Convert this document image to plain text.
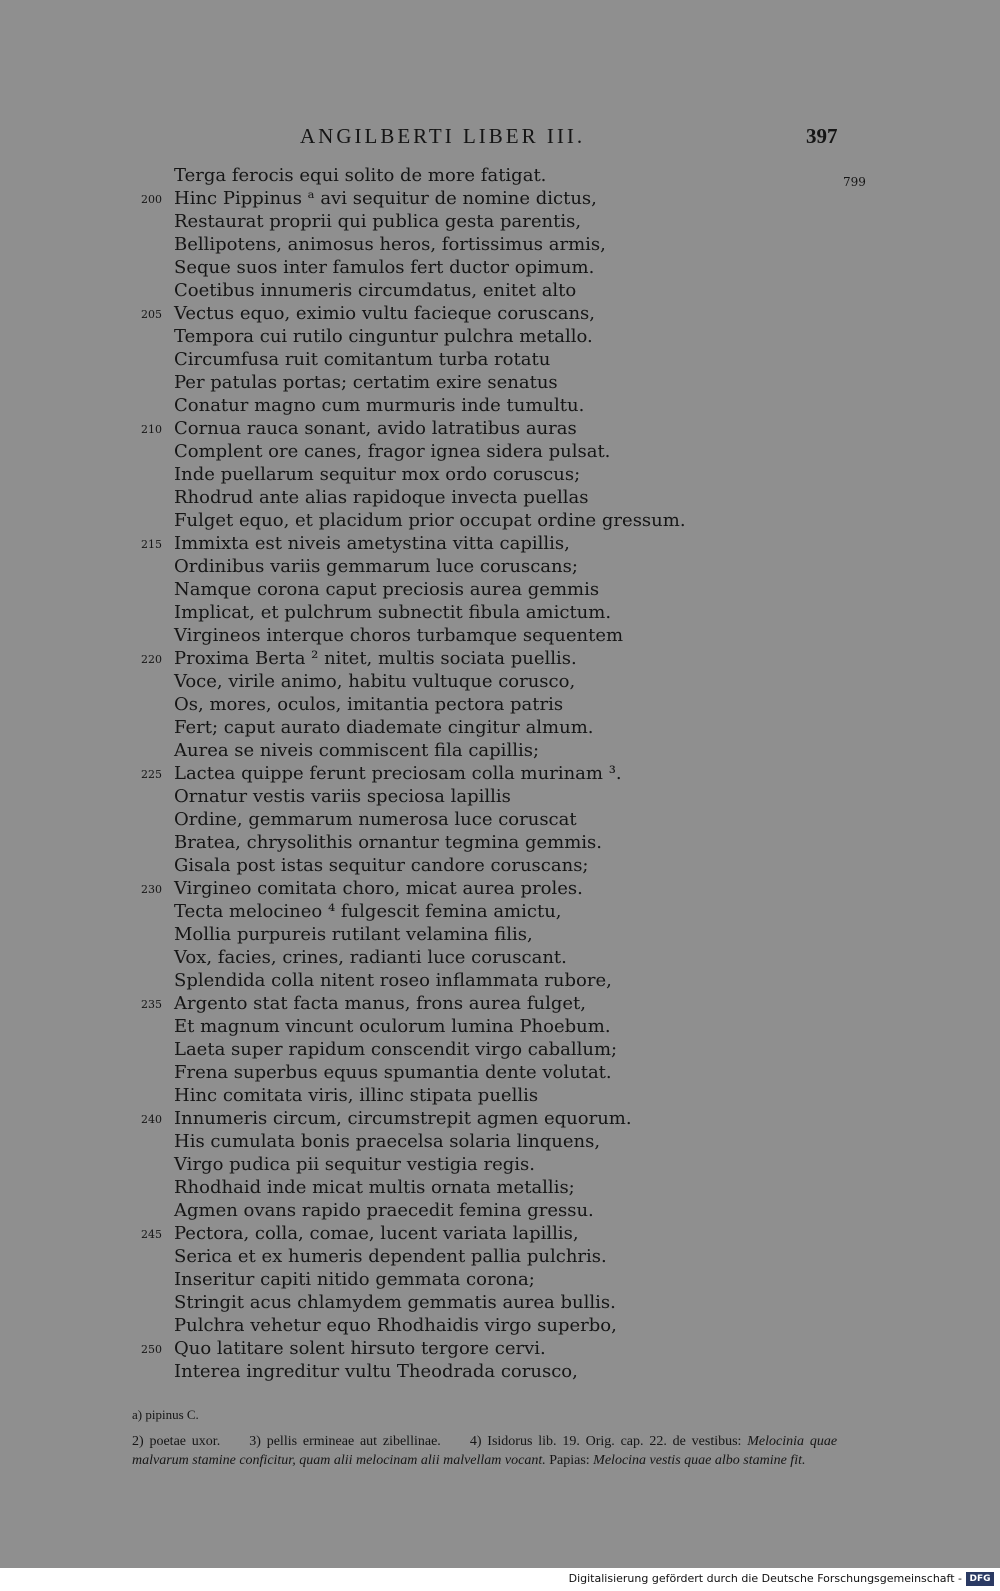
ANGILBERTI LIBER III.	397
799
Terga ferocis equi solito de more fatigat.
200 Hinc Pippinus ᵃ avi sequitur de nomine dictus,
Restaurat proprii qui publica gesta parentis,
Bellipotens, animosus heros, fortissimus armis,
Seque suos inter famulos fert ductor opimum.
Coetibus innumeris circumdatus, enitet alto
205 Vectus equo, eximio vultu facieque coruscans,
Tempora cui rutilo cinguntur pulchra metallo.
Circumfusa ruit comitantum turba rotatu
Per patulas portas; certatim exire senatus
Conatur magno cum murmuris inde tumultu.
210 Cornua rauca sonant, avido latratibus auras
Complent ore canes, fragor ignea sidera pulsat.
Inde puellarum sequitur mox ordo coruscus;
Rhodrud ante alias rapidoque invecta puellas
Fulget equo, et placidum prior occupat ordine gressum.
215 Immixta est niveis ametystina vitta capillis,
Ordinibus variis gemmarum luce coruscans;
Namque corona caput preciosis aurea gemmis
Implicat, et pulchrum subnectit fibula amictum.
Virgineos interque choros turbamque sequentem
220 Proxima Berta ² nitet, multis sociata puellis.
Voce, virile animo, habitu vultuque corusco,
Os, mores, oculos, imitantia pectora patris
Fert; caput aurato diademate cingitur almum.
Aurea se niveis commiscent fila capillis;
225 Lactea quippe ferunt preciosam colla murinam ³.
Ornatur vestis variis speciosa lapillis
Ordine, gemmarum numerosa luce coruscat
Bratea, chrysolithis ornantur tegmina gemmis.
Gisala post istas sequitur candore coruscans;
230 Virgineo comitata choro, micat aurea proles.
Tecta melocineo ⁴ fulgescit femina amictu,
Mollia purpureis rutilant velamina filis,
Vox, facies, crines, radianti luce coruscant.
Splendida colla nitent roseo inflammata rubore,
235 Argento stat facta manus, frons aurea fulget,
Et magnum vincunt oculorum lumina Phoebum.
Laeta super rapidum conscendit virgo caballum;
Frena superbus equus spumantia dente volutat.
Hinc comitata viris, illinc stipata puellis
240 Innumeris circum, circumstrepit agmen equorum.
His cumulata bonis praecelsa solaria linquens,
Virgo pudica pii sequitur vestigia regis.
Rhodhaid inde micat multis ornata metallis;
Agmen ovans rapido praecedit femina gressu.
245 Pectora, colla, comae, lucent variata lapillis,
Serica et ex humeris dependent pallia pulchris.
Inseritur capiti nitido gemmata corona;
Stringit acus chlamydem gemmatis aurea bullis.
Pulchra vehetur equo Rhodhaidis virgo superbo,
250 Quo latitare solent hirsuto tergore cervi.
Interea ingreditur vultu Theodrada corusco,

a) pipinus C.

2) poetae uxor. 3) pellis ermineae aut zibellinae. 4) Isidorus lib. 19. Orig. cap. 22. de vestibus: Melocinia quae malvarum stamine conficitur, quam alii melocinam alii malvellam vocant. Papias: Melocina vestis quae albo stamine fit.

Digitalisierung gefördert durch die Deutsche Forschungsgemeinschaft - DFG
